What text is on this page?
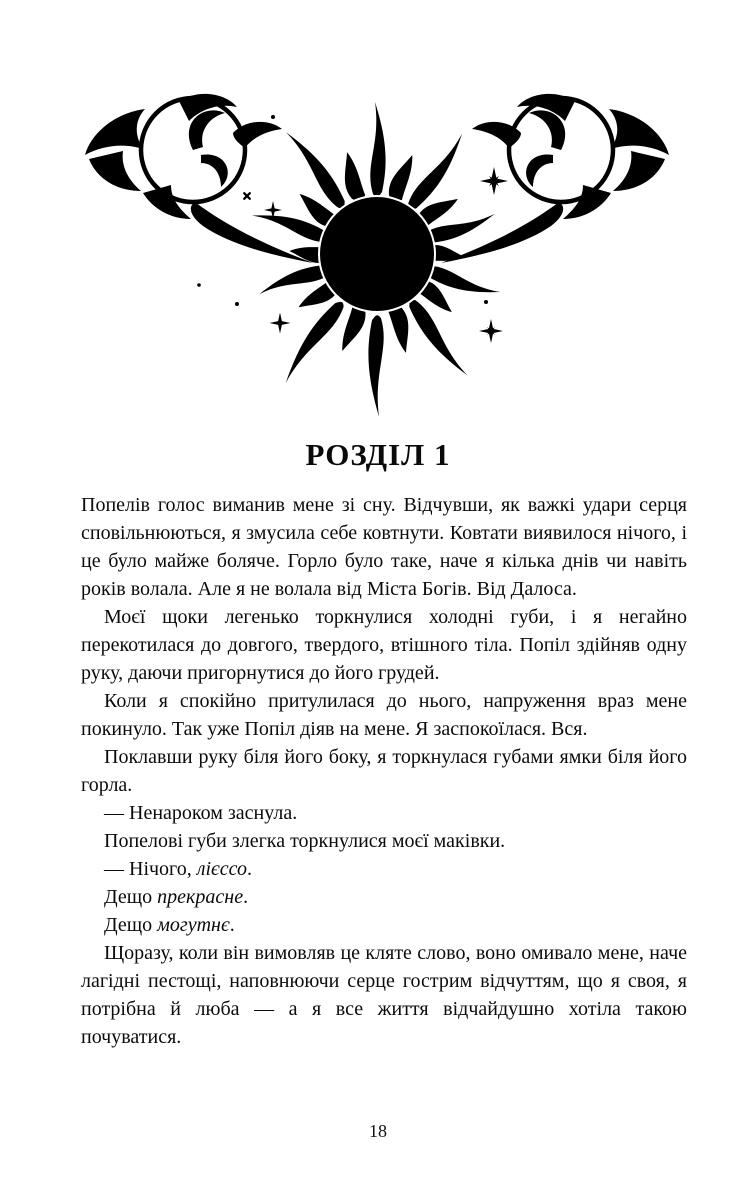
РОЗДІЛ 1

Попелів голос виманив мене зі сну. Відчувши, як важкі удари серця сповільнюються, я змусила себе ковтнути. Ковтати виявилося нічого, і це було майже боляче. Горло було таке, наче я кілька днів чи навіть років волала. Але я не волала від Міста Богів. Від Далоса.

Моєї щоки легенько торкнулися холодні губи, і я негайно перекотилася до довгого, твердого, втішного тіла. Попіл здійняв одну руку, даючи пригорнутися до його грудей.

Коли я спокійно притулилася до нього, напруження враз мене покинуло. Так уже Попіл діяв на мене. Я заспокоїлася. Вся.

Поклавши руку біля його боку, я торкнулася губами ямки біля його горла.

— Ненароком заснула.

Попелові губи злегка торкнулися моєї маківки.

— Нічого, лієссо.

Дещо прекрасне.

Дещо могутнє.

Щоразу, коли він вимовляв це кляте слово, воно омивало мене, наче лагідні пестощі, наповнюючи серце гострим відчуттям, що я своя, я потрібна й люба — а я все життя відчайдушно хотіла такою почуватися.

18
